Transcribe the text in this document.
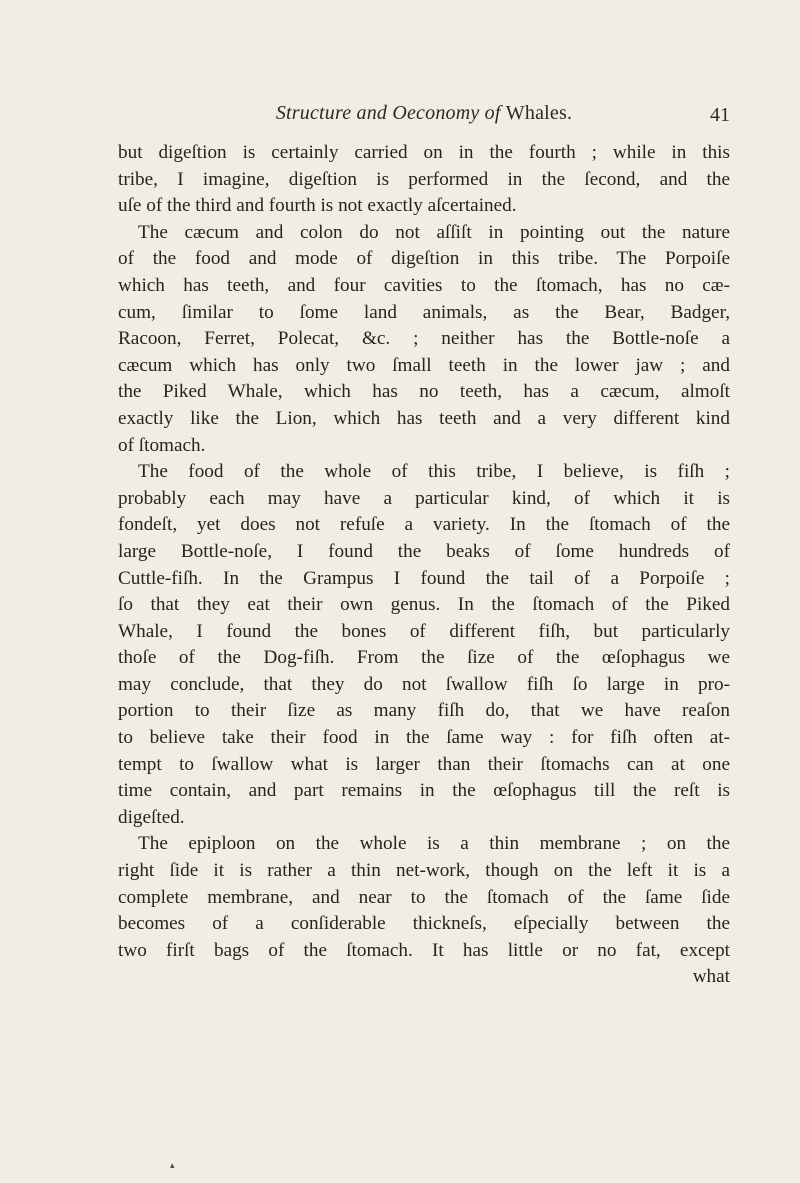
Structure and Oeconomy of Whales.	41
but digeſtion is certainly carried on in the fourth ; while in this
tribe, I imagine, digeſtion is performed in the ſecond, and the
uſe of the third and fourth is not exactly aſcertained.
The cæcum and colon do not aſſiſt in pointing out the nature
of the food and mode of digeſtion in this tribe. The Porpoiſe
which has teeth, and four cavities to the ſtomach, has no cæ-
cum, ſimilar to ſome land animals, as the Bear, Badger,
Racoon, Ferret, Polecat, &c. ; neither has the Bottle-noſe a
cæcum which has only two ſmall teeth in the lower jaw ; and
the Piked Whale, which has no teeth, has a cæcum, almoſt
exactly like the Lion, which has teeth and a very different kind
of ſtomach.
The food of the whole of this tribe, I believe, is fiſh ;
probably each may have a particular kind, of which it is
fondeſt, yet does not refuſe a variety. In the ſtomach of the
large Bottle-noſe, I found the beaks of ſome hundreds of
Cuttle-fiſh. In the Grampus I found the tail of a Porpoiſe ;
ſo that they eat their own genus. In the ſtomach of the Piked
Whale, I found the bones of different fiſh, but particularly
thoſe of the Dog-fiſh. From the ſize of the œſophagus we
may conclude, that they do not ſwallow fiſh ſo large in pro-
portion to their ſize as many fiſh do, that we have reaſon
to believe take their food in the ſame way : for fiſh often at-
tempt to ſwallow what is larger than their ſtomachs can at one
time contain, and part remains in the œſophagus till the reſt is
digeſted.
The epiploon on the whole is a thin membrane ; on the
right ſide it is rather a thin net-work, though on the left it is a
complete membrane, and near to the ſtomach of the ſame ſide
becomes of a conſiderable thickneſs, eſpecially between the
two firſt bags of the ſtomach. It has little or no fat, except
what
▴
